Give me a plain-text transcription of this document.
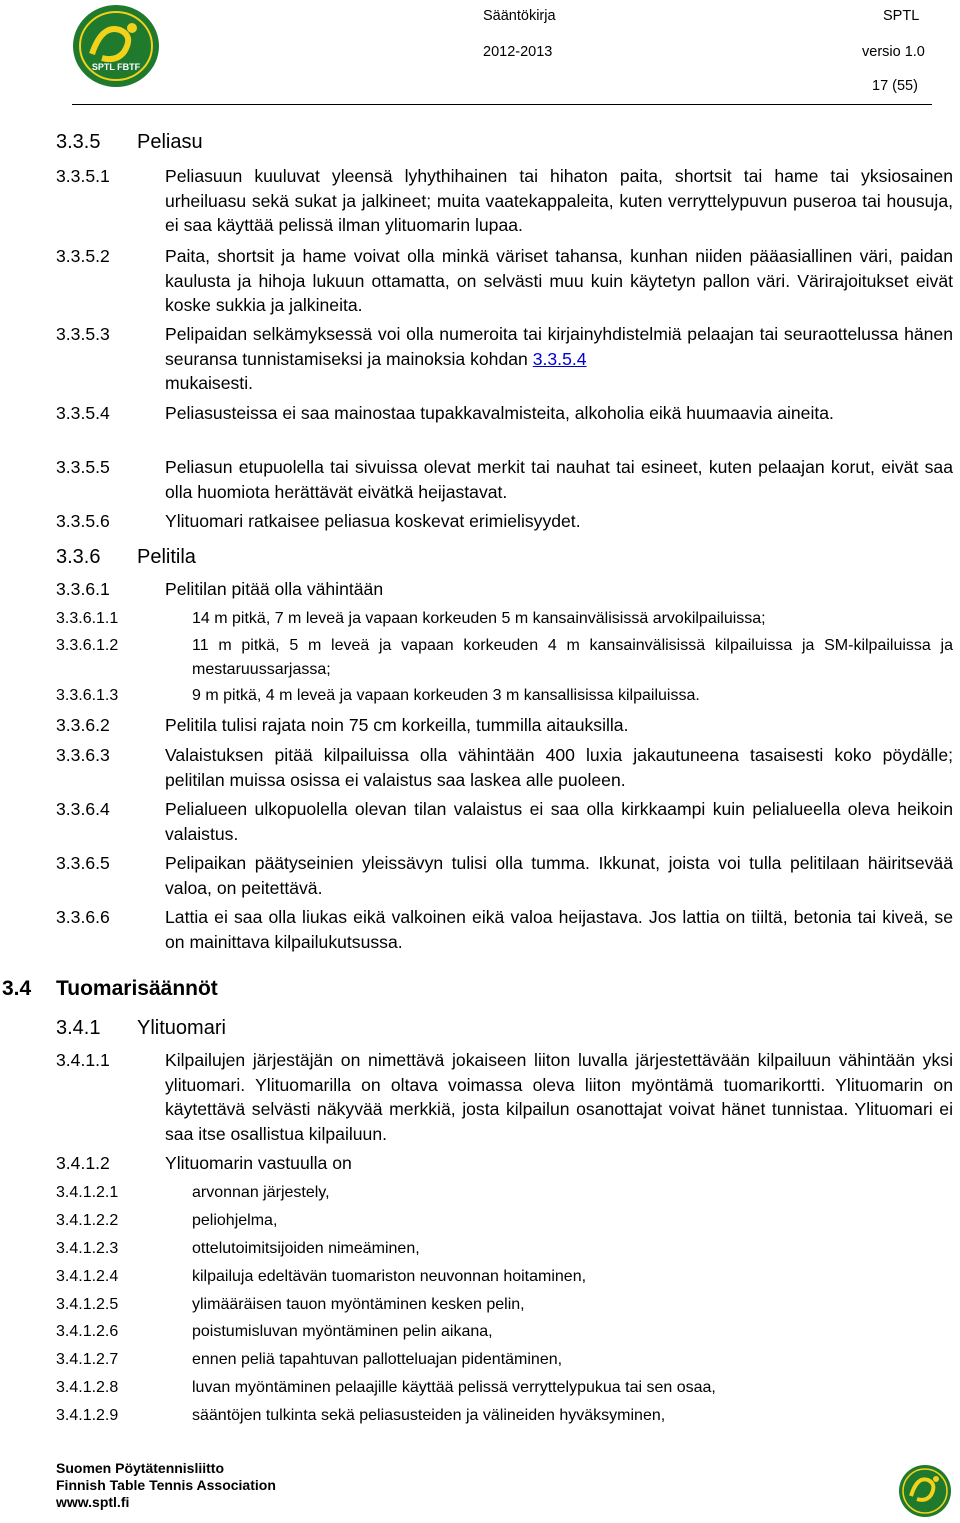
SPTL FBTF
Sääntökirja	SPTL
2012-2013	versio 1.0
17 (55)
3.3.5 Peliasu
3.3.5.1	Peliasuun kuuluvat yleensä lyhythihainen tai hihaton paita, shortsit tai hame tai yksiosainen urheiluasu sekä sukat ja jalkineet; muita vaatekappaleita, kuten verryttelypuvun puseroa tai housuja, ei saa käyttää pelissä ilman ylituomarin lupaa.
3.3.5.2	Paita, shortsit ja hame voivat olla minkä väriset tahansa, kunhan niiden pääasiallinen väri, paidan kaulusta ja hihoja lukuun ottamatta, on selvästi muu kuin käytetyn pallon väri. Värirajoitukset eivät koske sukkia ja jalkineita.
3.3.5.3	Pelipaidan selkämyksessä voi olla numeroita tai kirjainyhdistelmiä pelaajan tai seuraottelussa hänen seuransa tunnistamiseksi ja mainoksia kohdan 3.3.5.4
mukaisesti.
3.3.5.4	Peliasusteissa ei saa mainostaa tupakkavalmisteita, alkoholia eikä huumaavia aineita.
3.3.5.5	Peliasun etupuolella tai sivuissa olevat merkit tai nauhat tai esineet, kuten pelaajan korut, eivät saa olla huomiota herättävät eivätkä heijastavat.
3.3.5.6	Ylituomari ratkaisee peliasua koskevat erimielisyydet.
3.3.6 Pelitila
3.3.6.1	Pelitilan pitää olla vähintään
3.3.6.1.1	14 m pitkä, 7 m leveä ja vapaan korkeuden 5 m kansainvälisissä arvokilpailuissa;
3.3.6.1.2	11 m pitkä, 5 m leveä ja vapaan korkeuden 4 m kansainvälisissä kilpailuissa ja SM-kilpailuissa ja mestaruussarjassa;
3.3.6.1.3	9 m pitkä, 4 m leveä ja vapaan korkeuden 3 m kansallisissa kilpailuissa.
3.3.6.2	Pelitila tulisi rajata noin 75 cm korkeilla, tummilla aitauksilla.
3.3.6.3	Valaistuksen pitää kilpailuissa olla vähintään 400 luxia jakautuneena tasaisesti koko pöydälle; pelitilan muissa osissa ei valaistus saa laskea alle puoleen.
3.3.6.4	Pelialueen ulkopuolella olevan tilan valaistus ei saa olla kirkkaampi kuin pelialueella oleva heikoin valaistus.
3.3.6.5	Pelipaikan päätyseinien yleissävyn tulisi olla tumma. Ikkunat, joista voi tulla pelitilaan häiritsevää valoa, on peitettävä.
3.3.6.6	Lattia ei saa olla liukas eikä valkoinen eikä valoa heijastava. Jos lattia on tiiltä, betonia tai kiveä, se on mainittava kilpailukutsussa.
3.4 Tuomarisäännöt
3.4.1 Ylituomari
3.4.1.1	Kilpailujen järjestäjän on nimettävä jokaiseen liiton luvalla järjestettävään kilpailuun vähintään yksi ylituomari. Ylituomarilla on oltava voimassa oleva liiton myöntämä tuomarikortti. Ylituomarin on käytettävä selvästi näkyvää merkkiä, josta kilpailun osanottajat voivat hänet tunnistaa. Ylituomari ei saa itse osallistua kilpailuun.
3.4.1.2	Ylituomarin vastuulla on
3.4.1.2.1	arvonnan järjestely,
3.4.1.2.2	peliohjelma,
3.4.1.2.3	ottelutoimitsijoiden nimeäminen,
3.4.1.2.4	kilpailuja edeltävän tuomariston neuvonnan hoitaminen,
3.4.1.2.5	ylimääräisen tauon myöntäminen kesken pelin,
3.4.1.2.6	poistumisluvan myöntäminen pelin aikana,
3.4.1.2.7	ennen peliä tapahtuvan pallotteluajan pidentäminen,
3.4.1.2.8	luvan myöntäminen pelaajille käyttää pelissä verryttelypukua tai sen osaa,
3.4.1.2.9	sääntöjen tulkinta sekä peliasusteiden ja välineiden hyväksyminen,
Suomen Pöytätennisliitto
Finnish Table Tennis Association
www.sptl.fi
